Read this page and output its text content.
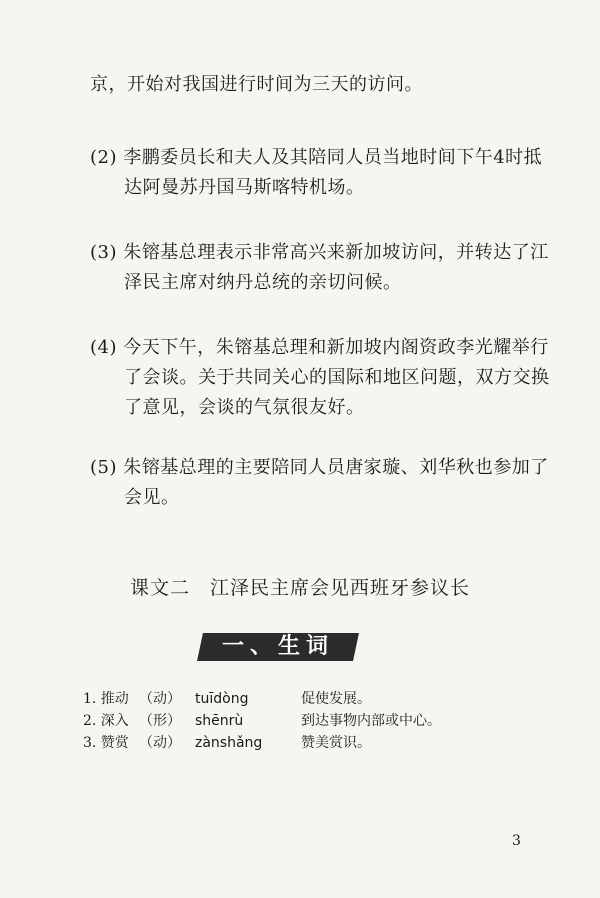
京，开始对我国进行时间为三天的访问。

(2) 李鹏委员长和夫人及其陪同人员当地时间下午4时抵达阿曼苏丹国马斯喀特机场。

(3) 朱镕基总理表示非常高兴来新加坡访问，并转达了江泽民主席对纳丹总统的亲切问候。

(4) 今天下午，朱镕基总理和新加坡内阁资政李光耀举行了会谈。关于共同关心的国际和地区问题，双方交换了意见，会谈的气氛很友好。

(5) 朱镕基总理的主要陪同人员唐家璇、刘华秋也参加了会见。

课文二　江泽民主席会见西班牙参议长
一、生词
1. 推动 （动）	tuīdòng	促使发展。
2. 深入 （形）	shēnrù	到达事物内部或中心。
3. 赞赏 （动）	zànshǎng	赞美赏识。
3
